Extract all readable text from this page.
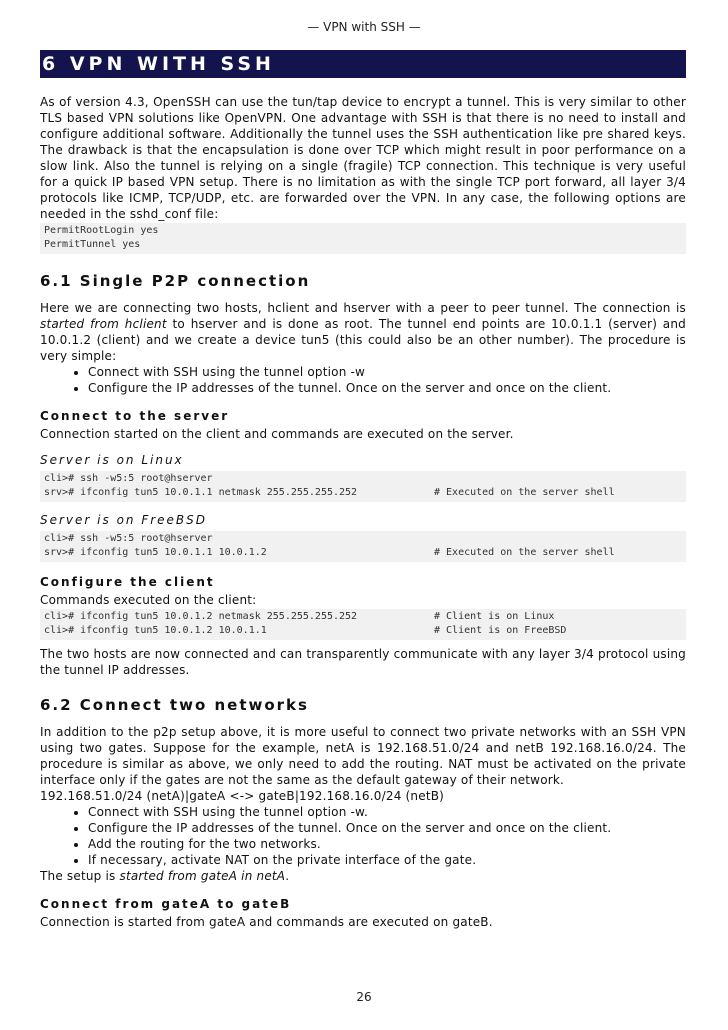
— VPN with SSH —
6 VPN WITH SSH

As of version 4.3, OpenSSH can use the tun/tap device to encrypt a tunnel. This is very similar to other TLS based VPN solutions like OpenVPN. One advantage with SSH is that there is no need to install and configure additional software. Additionally the tunnel uses the SSH authentication like pre shared keys. The drawback is that the encapsulation is done over TCP which might result in poor performance on a slow link. Also the tunnel is relying on a single (fragile) TCP connection. This technique is very useful for a quick IP based VPN setup. There is no limitation as with the single TCP port forward, all layer 3/4 protocols like ICMP, TCP/UDP, etc. are forwarded over the VPN. In any case, the following options are needed in the sshd_conf file:

PermitRootLogin yes
PermitTunnel yes
6.1 Single P2P connection

Here we are connecting two hosts, hclient and hserver with a peer to peer tunnel. The connection is started from hclient to hserver and is done as root. The tunnel end points are 10.0.1.1 (server) and 10.0.1.2 (client) and we create a device tun5 (this could also be an other number). The procedure is very simple:

• Connect with SSH using the tunnel option -w
• Configure the IP addresses of the tunnel. Once on the server and once on the client.
Connect to the server

Connection started on the client and commands are executed on the server.

Server is on Linux
cli># ssh -w5:5 root@hserver
srv># ifconfig tun5 10.0.1.1 netmask 255.255.255.252	# Executed on the server shell
Server is on FreeBSD
cli># ssh -w5:5 root@hserver
srv># ifconfig tun5 10.0.1.1 10.0.1.2	# Executed on the server shell
Configure the client

Commands executed on the client:

cli># ifconfig tun5 10.0.1.2 netmask 255.255.255.252	# Client is on Linux
cli># ifconfig tun5 10.0.1.2 10.0.1.1	# Client is on FreeBSD

The two hosts are now connected and can transparently communicate with any layer 3/4 protocol using the tunnel IP addresses.

6.2 Connect two networks

In addition to the p2p setup above, it is more useful to connect two private networks with an SSH VPN using two gates. Suppose for the example, netA is 192.168.51.0/24 and netB 192.168.16.0/24. The procedure is similar as above, we only need to add the routing. NAT must be activated on the private interface only if the gates are not the same as the default gateway of their network.

192.168.51.0/24 (netA)|gateA <-> gateB|192.168.16.0/24 (netB)

• Connect with SSH using the tunnel option -w.
• Configure the IP addresses of the tunnel. Once on the server and once on the client.
• Add the routing for the two networks.
• If necessary, activate NAT on the private interface of the gate.

The setup is started from gateA in netA.

Connect from gateA to gateB

Connection is started from gateA and commands are executed on gateB.

26
